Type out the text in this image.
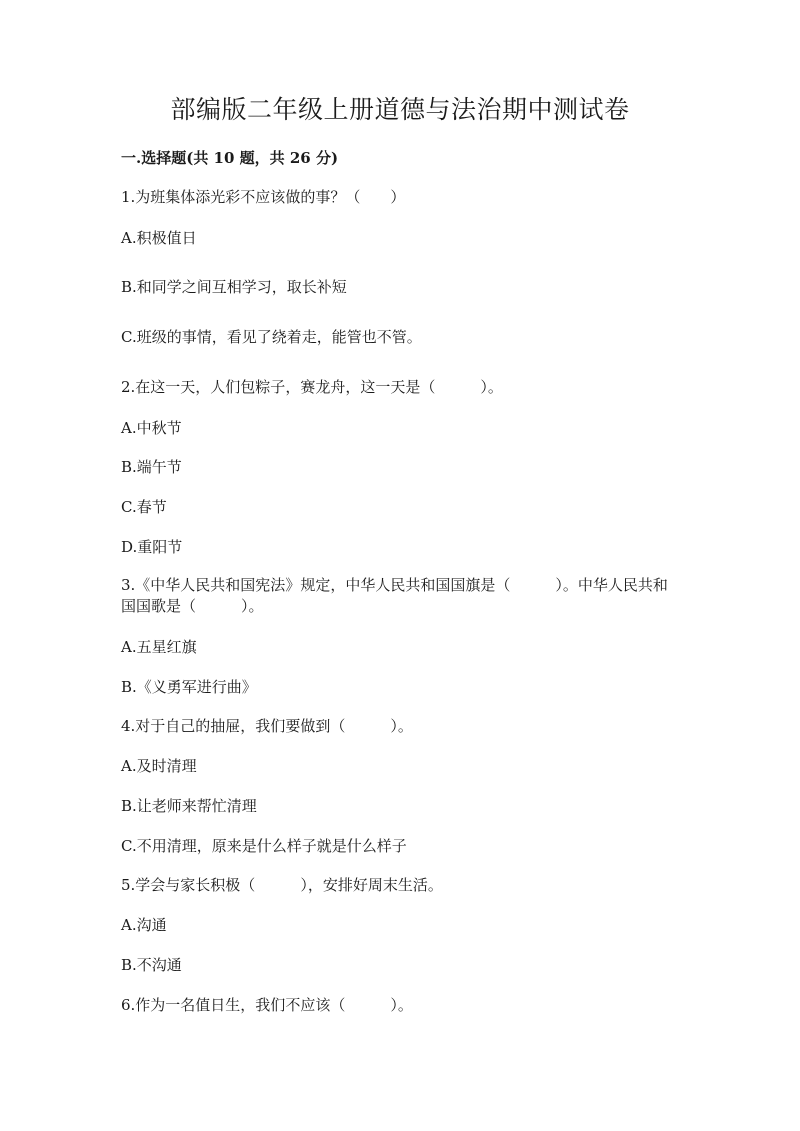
部编版二年级上册道德与法治期中测试卷
一.选择题(共 10 题，共 26 分)
1.为班集体添光彩不应该做的事？（　　）
A.积极值日
B.和同学之间互相学习，取长补短
C.班级的事情，看见了绕着走，能管也不管。
2.在这一天，人们包粽子，赛龙舟，这一天是（　　　）。
A.中秋节
B.端午节
C.春节
D.重阳节
3.《中华人民共和国宪法》规定，中华人民共和国国旗是（　　　）。中华人民共和国国歌是（　　　）。
A.五星红旗
B.《义勇军进行曲》
4.对于自己的抽屉，我们要做到（　　　）。
A.及时清理
B.让老师来帮忙清理
C.不用清理，原来是什么样子就是什么样子
5.学会与家长积极（　　　），安排好周末生活。
A.沟通
B.不沟通
6.作为一名值日生，我们不应该（　　　）。
